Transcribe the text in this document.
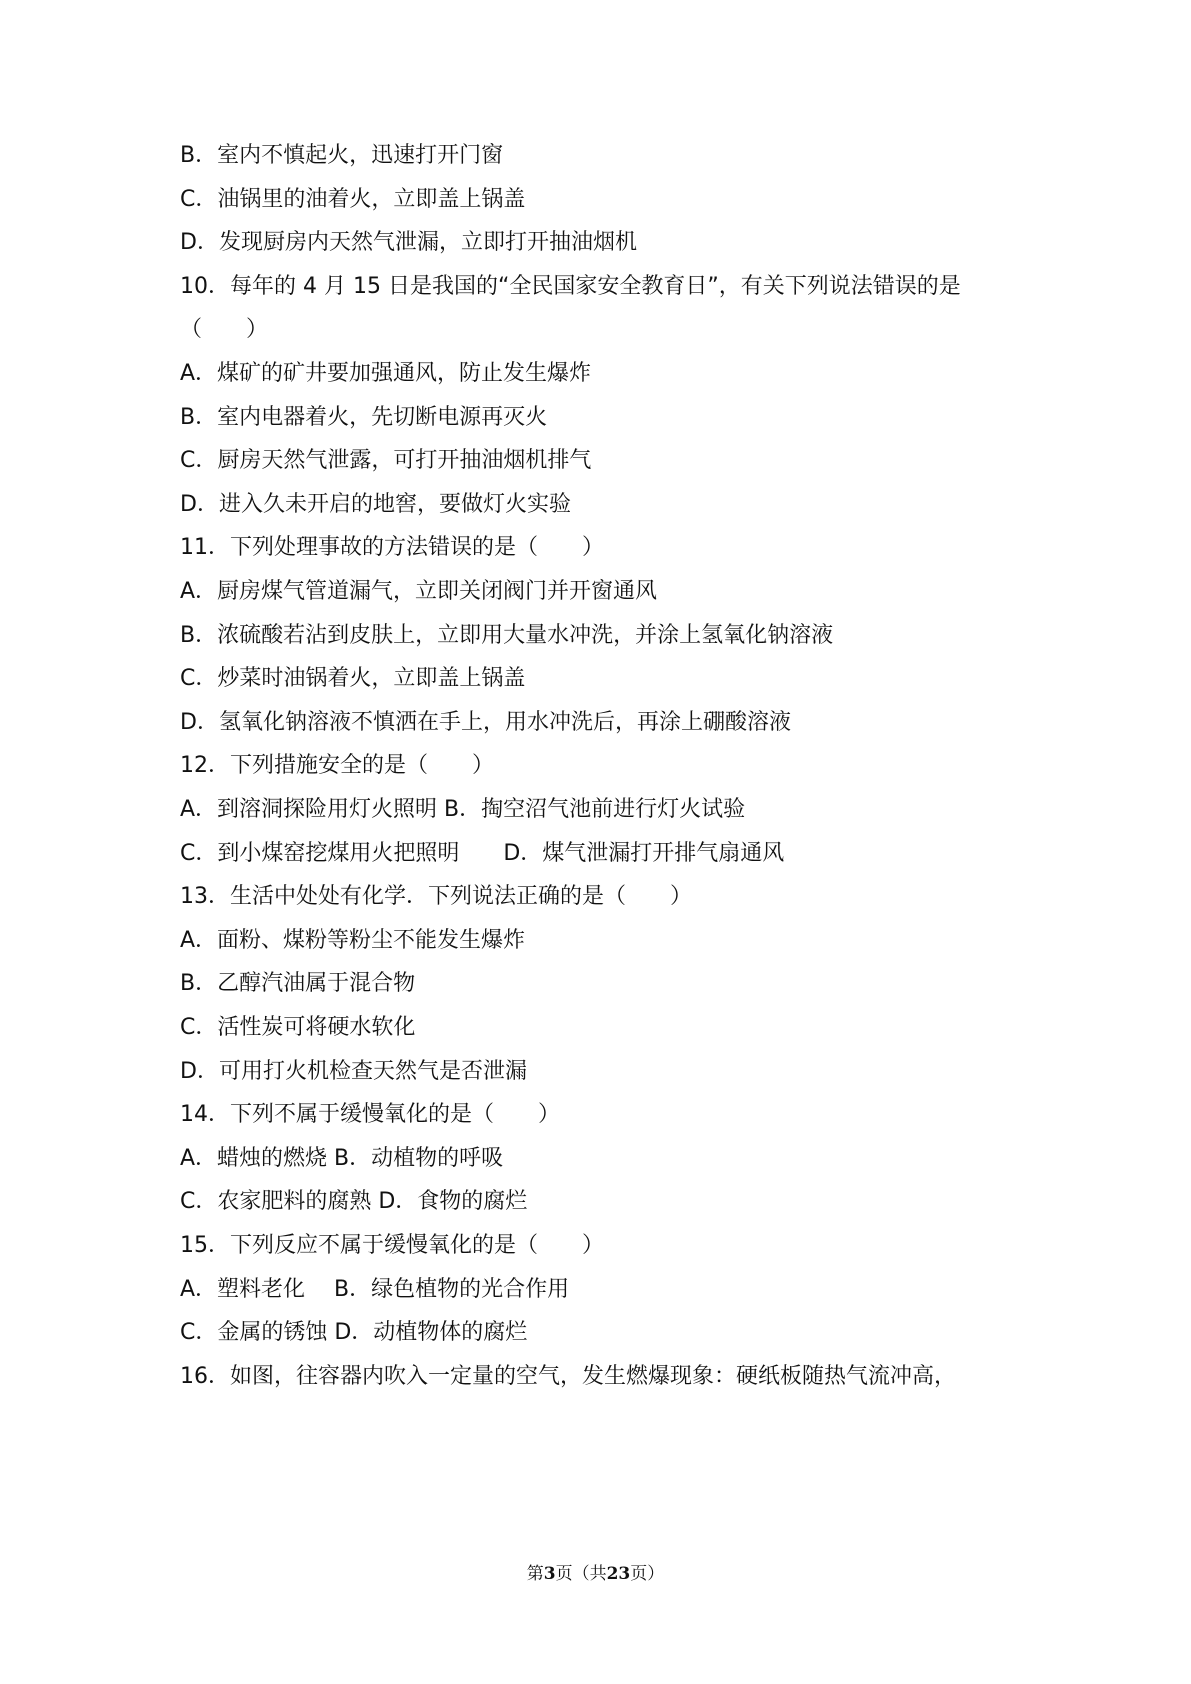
B．室内不慎起火，迅速打开门窗
C．油锅里的油着火，立即盖上锅盖
D．发现厨房内天然气泄漏，立即打开抽油烟机
10．每年的 4 月 15 日是我国的“全民国家安全教育日”，有关下列说法错误的是
（　　）
A．煤矿的矿井要加强通风，防止发生爆炸
B．室内电器着火，先切断电源再灭火
C．厨房天然气泄露，可打开抽油烟机排气
D．进入久未开启的地窖，要做灯火实验
11．下列处理事故的方法错误的是（　　）
A．厨房煤气管道漏气，立即关闭阀门并开窗通风
B．浓硫酸若沾到皮肤上，立即用大量水冲洗，并涂上氢氧化钠溶液
C．炒菜时油锅着火，立即盖上锅盖
D．氢氧化钠溶液不慎洒在手上，用水冲洗后，再涂上硼酸溶液
12．下列措施安全的是（　　）
A．到溶洞探险用灯火照明 B．掏空沼气池前进行灯火试验
C．到小煤窑挖煤用火把照明　　D．煤气泄漏打开排气扇通风
13．生活中处处有化学．下列说法正确的是（　　）
A．面粉、煤粉等粉尘不能发生爆炸
B．乙醇汽油属于混合物
C．活性炭可将硬水软化
D．可用打火机检查天然气是否泄漏
14．下列不属于缓慢氧化的是（　　）
A．蜡烛的燃烧 B．动植物的呼吸
C．农家肥料的腐熟 D．食物的腐烂
15．下列反应不属于缓慢氧化的是（　　）
A．塑料老化　 B．绿色植物的光合作用
C．金属的锈蚀 D．动植物体的腐烂
16．如图，往容器内吹入一定量的空气，发生燃爆现象：硬纸板随热气流冲高，
第3页（共23页）
